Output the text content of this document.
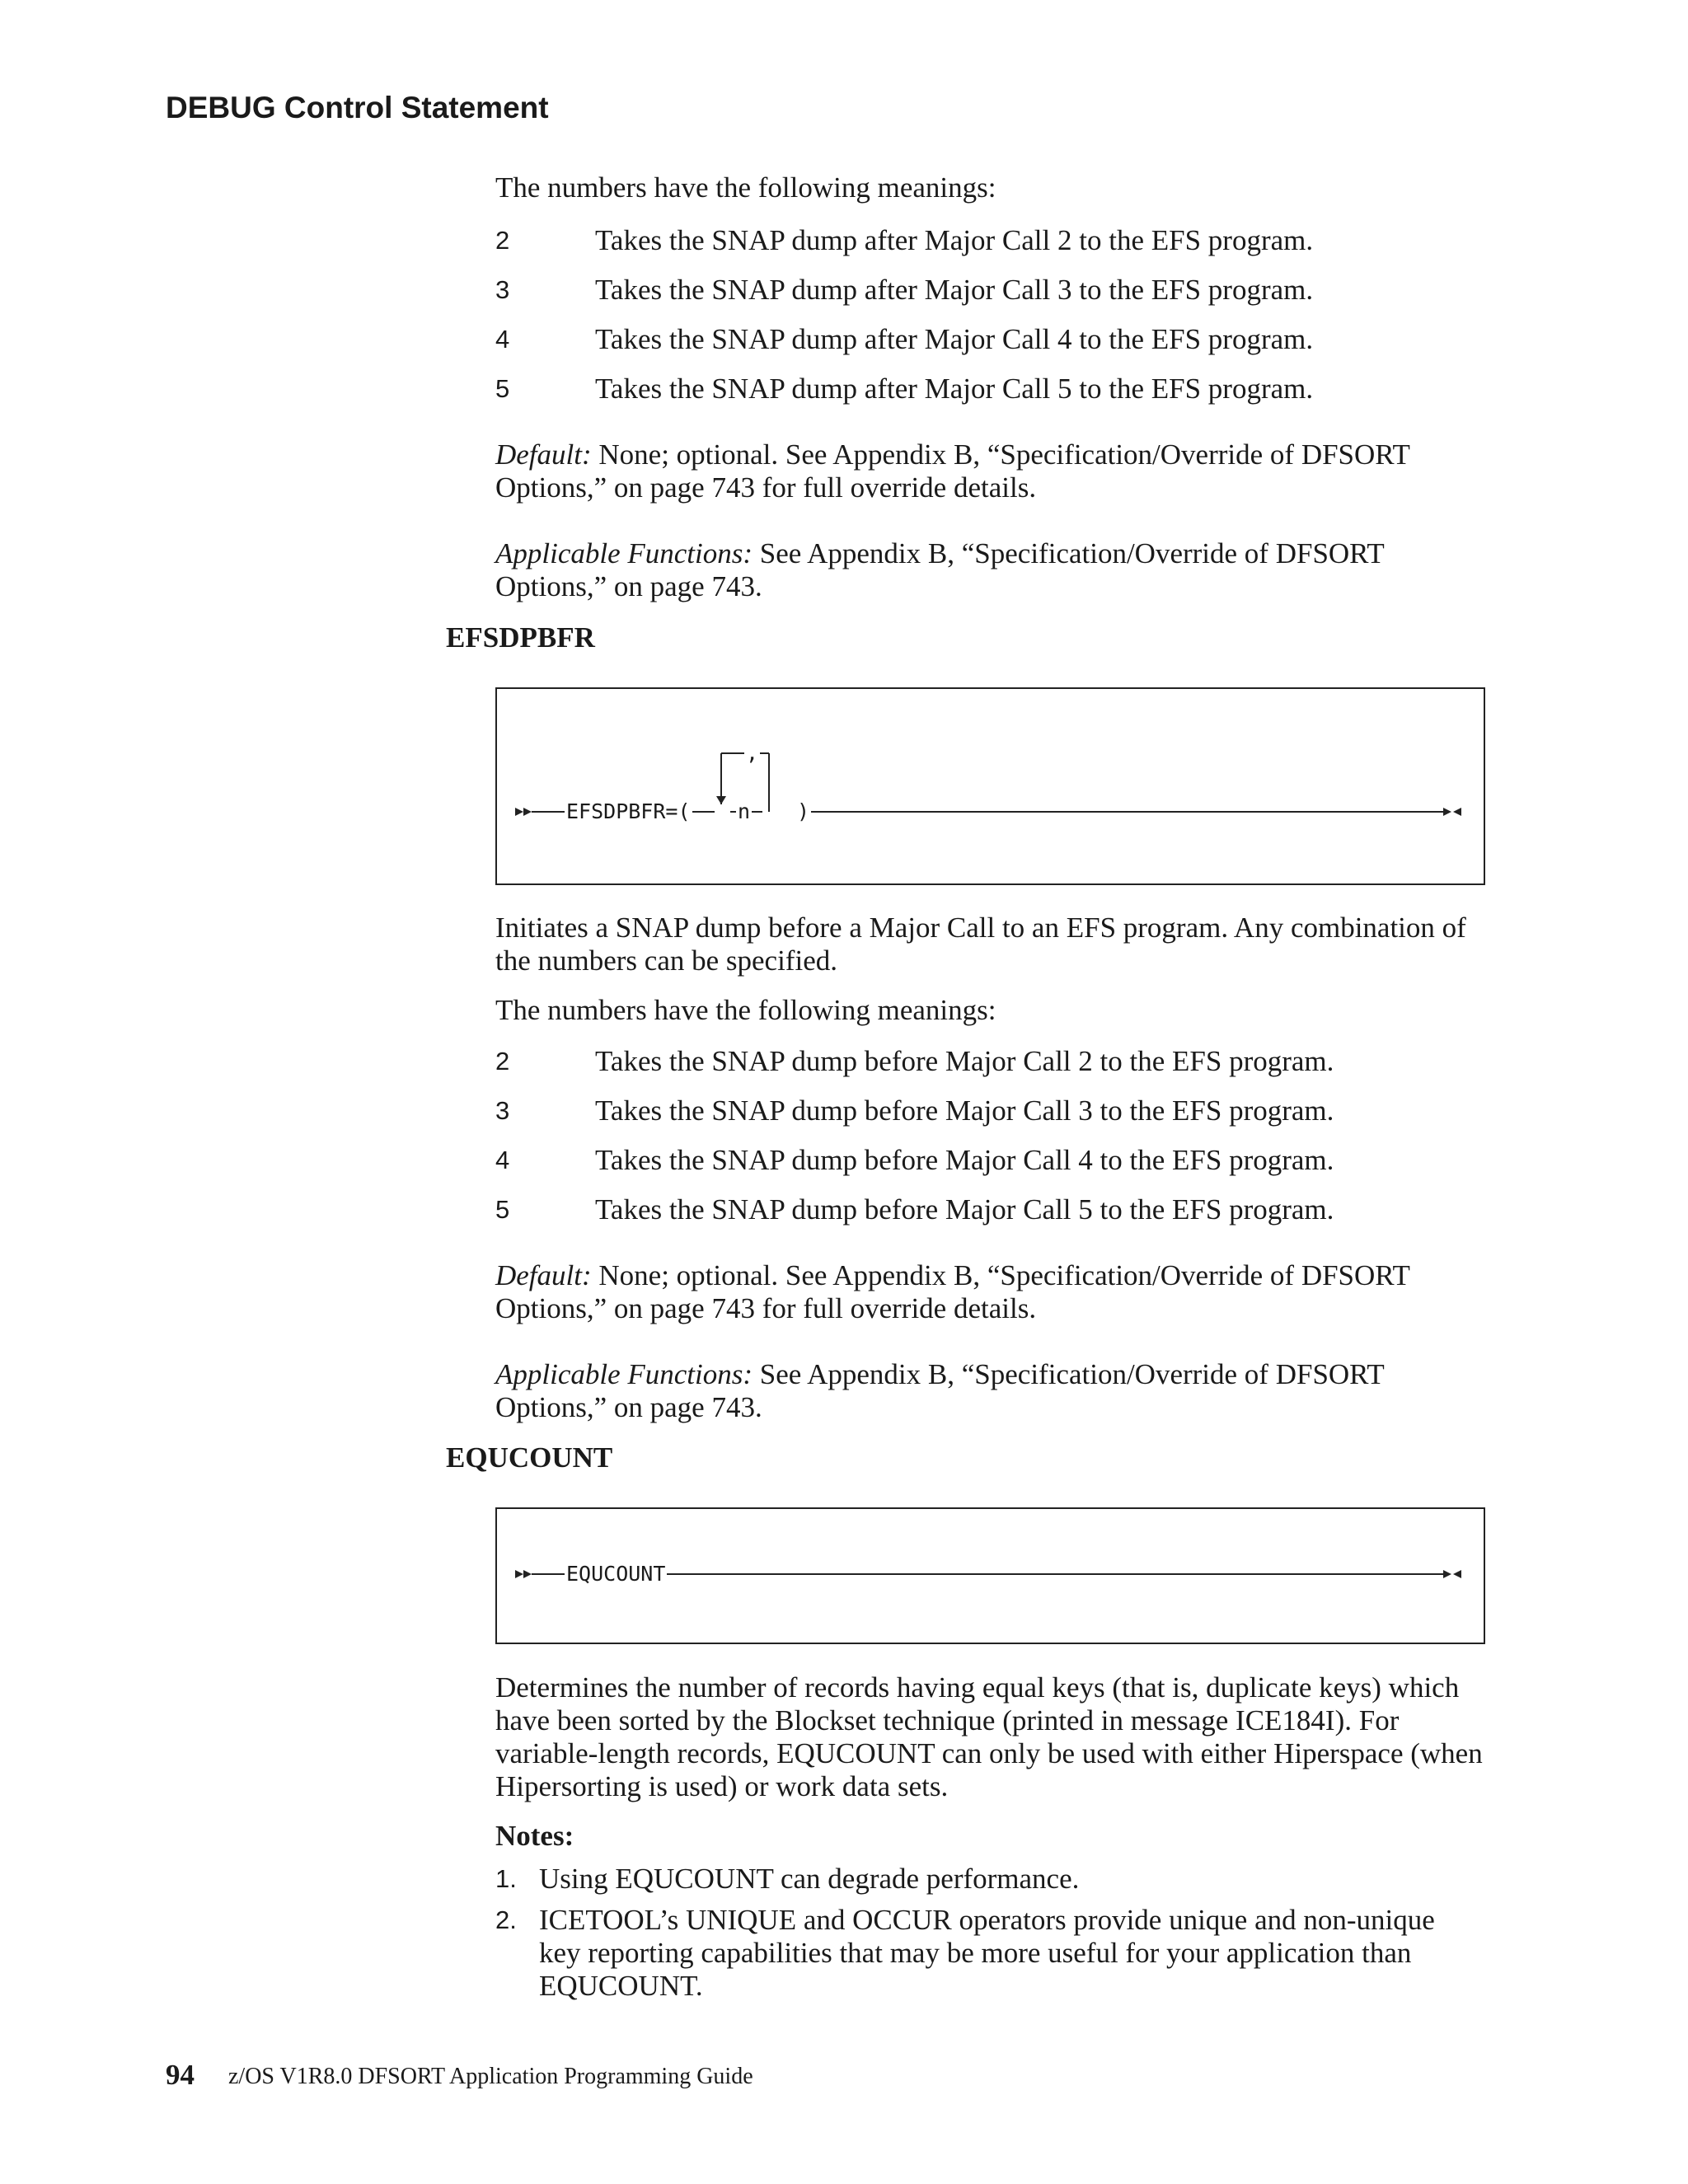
DEBUG Control Statement

The numbers have the following meanings:

2	Takes the SNAP dump after Major Call 2 to the EFS program.
3	Takes the SNAP dump after Major Call 3 to the EFS program.
4	Takes the SNAP dump after Major Call 4 to the EFS program.
5	Takes the SNAP dump after Major Call 5 to the EFS program.

Default: None; optional. See Appendix B, “Specification/Override of DFSORT Options,” on page 743 for full override details.

Applicable Functions: See Appendix B, “Specification/Override of DFSORT Options,” on page 743.

EFSDPBFR
EFSDPBFR=(
,
n )

Initiates a SNAP dump before a Major Call to an EFS program. Any combination of the numbers can be specified.

The numbers have the following meanings:

2	Takes the SNAP dump before Major Call 2 to the EFS program.
3	Takes the SNAP dump before Major Call 3 to the EFS program.
4	Takes the SNAP dump before Major Call 4 to the EFS program.
5	Takes the SNAP dump before Major Call 5 to the EFS program.

Default: None; optional. See Appendix B, “Specification/Override of DFSORT Options,” on page 743 for full override details.

Applicable Functions: See Appendix B, “Specification/Override of DFSORT Options,” on page 743.

EQUCOUNT
EQUCOUNT

Determines the number of records having equal keys (that is, duplicate keys) which have been sorted by the Blockset technique (printed in message ICE184I). For variable-length records, EQUCOUNT can only be used with either Hiperspace (when Hipersorting is used) or work data sets.

Notes:
1. Using EQUCOUNT can degrade performance.

2. ICETOOL’s UNIQUE and OCCUR operators provide unique and non-unique key reporting capabilities that may be more useful for your application than EQUCOUNT.

94 z/OS V1R8.0 DFSORT Application Programming Guide
